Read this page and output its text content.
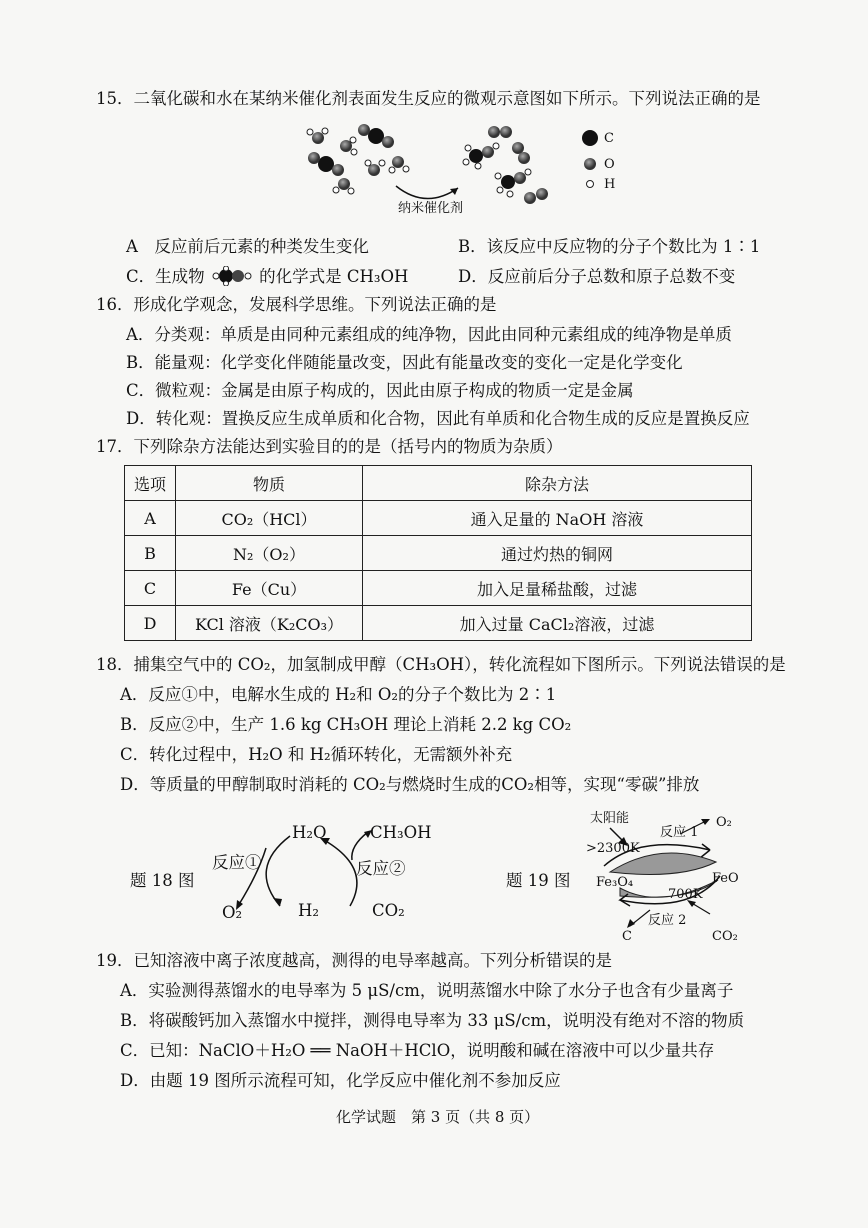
15．二氧化碳和水在某纳米催化剂表面发生反应的微观示意图如下所示。下列说法正确的是
C
O
H
纳米催化剂
A　反应前后元素的种类发生变化	B．该反应中反应物的分子个数比为 1∶1
C．生成物	的化学式是 CH₃OH	D．反应前后分子总数和原子总数不变
16．形成化学观念，发展科学思维。下列说法正确的是
A．分类观：单质是由同种元素组成的纯净物，因此由同种元素组成的纯净物是单质
B．能量观：化学变化伴随能量改变，因此有能量改变的变化一定是化学变化
C．微粒观：金属是由原子构成的，因此由原子构成的物质一定是金属
D．转化观：置换反应生成单质和化合物，因此有单质和化合物生成的反应是置换反应
17．下列除杂方法能达到实验目的的是（括号内的物质为杂质）
选项	物质	除杂方法
A	CO₂（HCl）	通入足量的 NaOH 溶液
B	N₂（O₂）	通过灼热的铜网
C	Fe（Cu）	加入足量稀盐酸，过滤
D	KCl 溶液（K₂CO₃）	加入过量 CaCl₂溶液，过滤
18．捕集空气中的 CO₂，加氢制成甲醇（CH₃OH），转化流程如下图所示。下列说法错误的是
A．反应①中，电解水生成的 H₂和 O₂的分子个数比为 2∶1
B．反应②中，生产 1.6 kg CH₃OH 理论上消耗 2.2 kg CO₂
C．转化过程中，H₂O 和 H₂循环转化，无需额外补充
D．等质量的甲醇制取时消耗的 CO₂与燃烧时生成的CO₂相等，实现“零碳”排放
题 18 图
H₂O	CH₃OH
反应①	反应②
O₂	H₂	CO₂
题 19 图
太阳能
>2300K
反应 1
O₂
Fe₃O₄	FeO
700K
反应 2
C	CO₂
19．已知溶液中离子浓度越高，测得的电导率越高。下列分析错误的是
A．实验测得蒸馏水的电导率为 5 μS/cm，说明蒸馏水中除了水分子也含有少量离子
B．将碳酸钙加入蒸馏水中搅拌，测得电导率为 33 μS/cm，说明没有绝对不溶的物质
C．已知：NaClO＋H₂O ══ NaOH＋HClO，说明酸和碱在溶液中可以少量共存
D．由题 19 图所示流程可知，化学反应中催化剂不参加反应
化学试题　第 3 页（共 8 页）
